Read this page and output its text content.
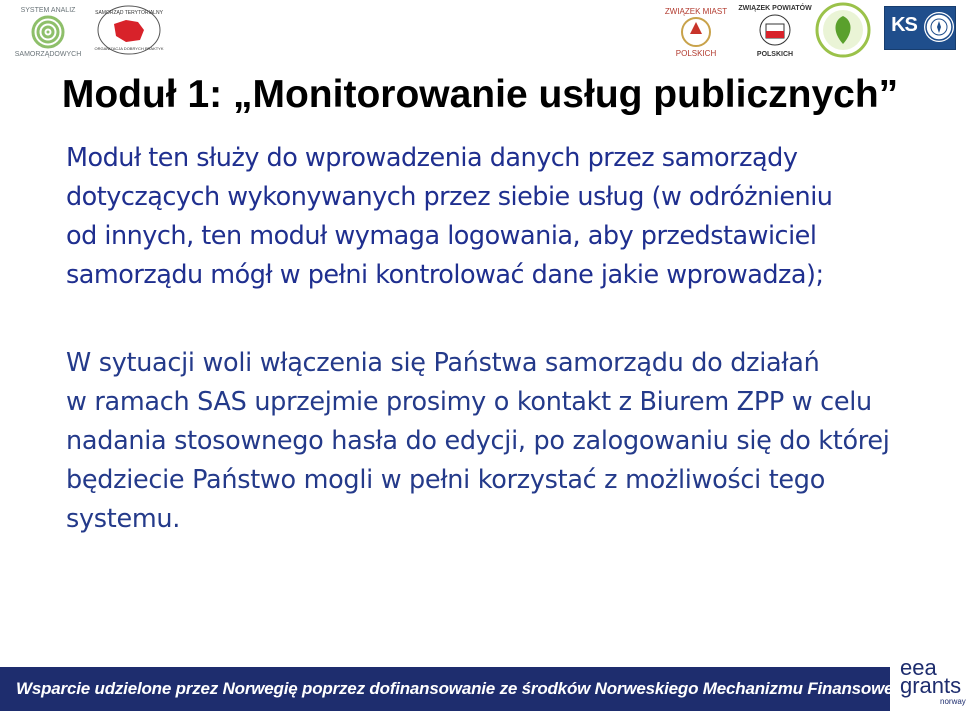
SYSTEM ANALIZ
SAMORZĄDOWYCH
SAMORZĄD TERYTORIALNY
ORGANIZACJA DOBRYCH PRAKTYK
ZWIĄZEK MIAST
POLSKICH
ZWIĄZEK POWIATÓW
POLSKICH
KS
Moduł 1: „Monitorowanie usług publicznych”
Moduł ten służy do wprowadzenia danych przez samorządy
dotyczących wykonywanych przez siebie usług (w odróżnieniu
od innych, ten moduł wymaga logowania, aby przedstawiciel
samorządu mógł w pełni kontrolować dane jakie wprowadza);
W sytuacji woli włączenia się Państwa samorządu do działań
w ramach SAS uprzejmie prosimy o kontakt z Biurem ZPP w celu
nadania stosownego hasła do edycji, po zalogowaniu się do której
będziecie Państwo mogli w pełni korzystać z możliwości tego
systemu.
Wsparcie udzielone przez Norwegię poprzez dofinansowanie ze środków Norweskiego Mechanizmu Finansowego
eea
grants
norway
